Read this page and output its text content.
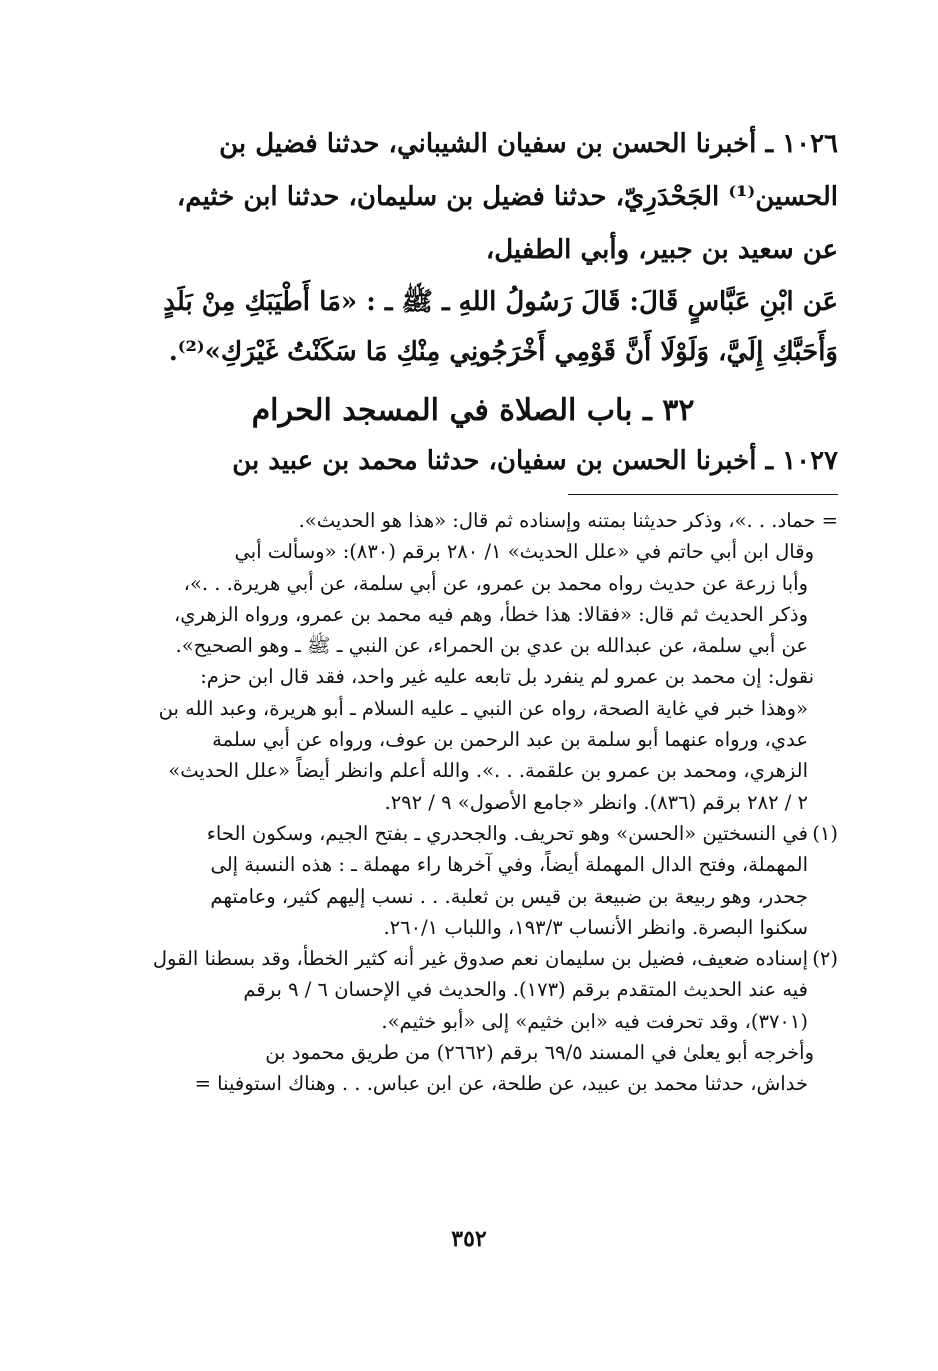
١٠٢٦ ـ أخبرنا الحسن بن سفيان الشيباني، حدثنا فضيل بن

الحسين⁽¹⁾ الجَحْدَرِيّ، حدثنا فضيل بن سليمان، حدثنا ابن خثيم،

عن سعيد بن جبير، وأبي الطفيل،

عَن ابْنِ عَبَّاسٍ قَالَ: قَالَ رَسُولُ اللهِ ـ ﷺ ـ : «مَا أَطْيَبَكِ مِنْ بَلَدٍ

وَأَحَبَّكِ إِلَيَّ، وَلَوْلَا أَنَّ قَوْمِي أَخْرَجُونِي مِنْكِ مَا سَكَنْتُ غَيْرَكِ»⁽²⁾.

٣٢ ـ باب الصلاة في المسجد الحرام

١٠٢٧ ـ أخبرنا الحسن بن سفيان، حدثنا محمد بن عبيد بن

= حماد. . .»، وذكر حديثنا بمتنه وإسناده ثم قال: «هذا هو الحديث».

وقال ابن أبي حاتم في «علل الحديث» ١/ ٢٨٠ برقم (٨٣٠): «وسألت أبي

وأبا زرعة عن حديث رواه محمد بن عمرو، عن أبي سلمة، عن أبي هريرة. . .»،

وذكر الحديث ثم قال: «فقالا: هذا خطأ، وهم فيه محمد بن عمرو، ورواه الزهري،

عن أبي سلمة، عن عبدالله بن عدي بن الحمراء، عن النبي ـ ﷺ ـ وهو الصحيح».

نقول: إن محمد بن عمرو لم ينفرد بل تابعه عليه غير واحد، فقد قال ابن حزم:

«وهذا خبر في غاية الصحة، رواه عن النبي ـ عليه السلام ـ أبو هريرة، وعبد الله بن

عدي، ورواه عنهما أبو سلمة بن عبد الرحمن بن عوف، ورواه عن أبي سلمة

الزهري، ومحمد بن عمرو بن علقمة. . .». والله أعلم وانظر أيضاً «علل الحديث»

٢ / ٢٨٢ برقم (٨٣٦). وانظر «جامع الأصول» ٩ / ٢٩٢.

(١)في النسختين «الحسن» وهو تحريف. والجحدري ـ بفتح الجيم، وسكون الحاء

المهملة، وفتح الدال المهملة أيضاً، وفي آخرها راء مهملة ـ : هذه النسبة إلى

جحدر، وهو ربيعة بن ضبيعة بن قيس بن ثعلبة. . . نسب إليهم كثير، وعامتهم

سكنوا البصرة. وانظر الأنساب ١٩٣/٣، واللباب ٢٦٠/١.

(٢)إسناده ضعيف، فضيل بن سليمان نعم صدوق غير أنه كثير الخطأ، وقد بسطنا القول

فيه عند الحديث المتقدم برقم (١٧٣). والحديث في الإحسان ٦ / ٩ برقم

(٣٧٠١)، وقد تحرفت فيه «ابن خثيم» إلى «أبو خثيم».

وأخرجه أبو يعلىٰ في المسند ٦٩/٥ برقم (٢٦٦٢) من طريق محمود بن

خداش، حدثنا محمد بن عبيد، عن طلحة، عن ابن عباس. . . وهناك استوفينا =

٣٥٢
